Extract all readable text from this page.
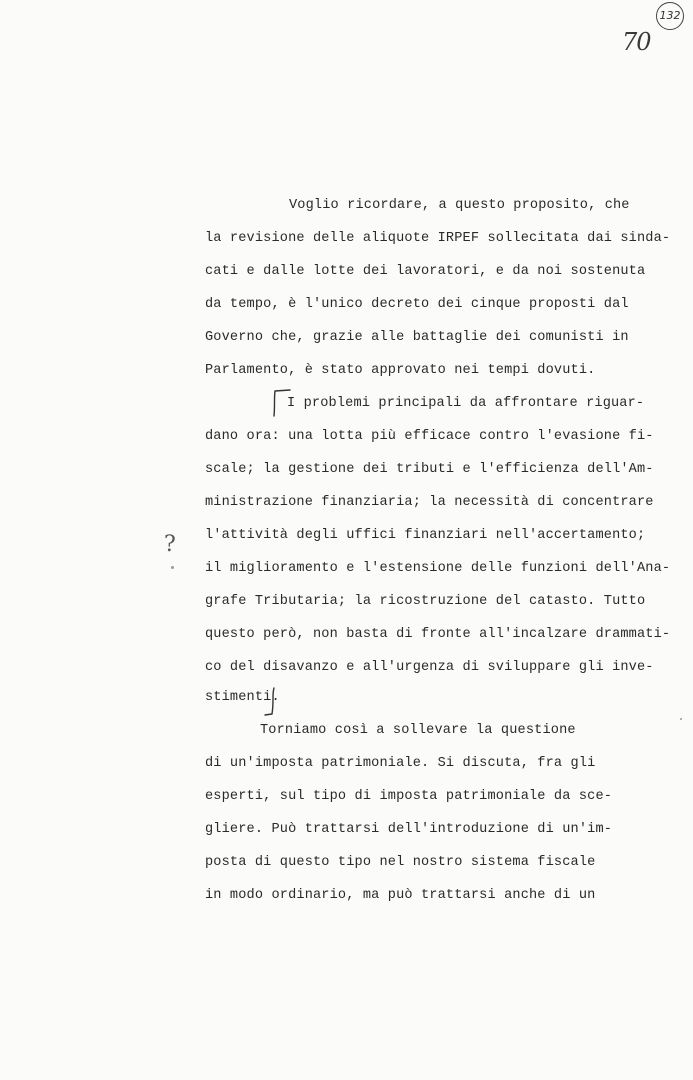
132
70
Voglio ricordare, a questo proposito, che
la revisione delle aliquote IRPEF sollecitata dai sinda-
cati e dalle lotte dei lavoratori, e da noi sostenuta
da tempo, è l'unico decreto dei cinque proposti dal
Governo che, grazie alle battaglie dei comunisti in
Parlamento, è stato approvato nei tempi dovuti.
I problemi principali da affrontare riguar-
dano ora: una lotta più efficace contro l'evasione fi-
scale; la gestione dei tributi e l'efficienza dell'Am-
ministrazione finanziaria; la necessità di concentrare
l'attività degli uffici finanziari nell'accertamento;
?
il miglioramento e l'estensione delle funzioni dell'Ana-
grafe Tributaria; la ricostruzione del catasto. Tutto
questo però, non basta di fronte all'incalzare drammati-
co del disavanzo e all'urgenza di sviluppare gli inve-
stimenti.
Torniamo così a sollevare la questione
di un'imposta patrimoniale. Si discuta, fra gli
esperti, sul tipo di imposta patrimoniale da sce-
gliere. Può trattarsi dell'introduzione di un'im-
posta di questo tipo nel nostro sistema fiscale
in modo ordinario, ma può trattarsi anche di un
